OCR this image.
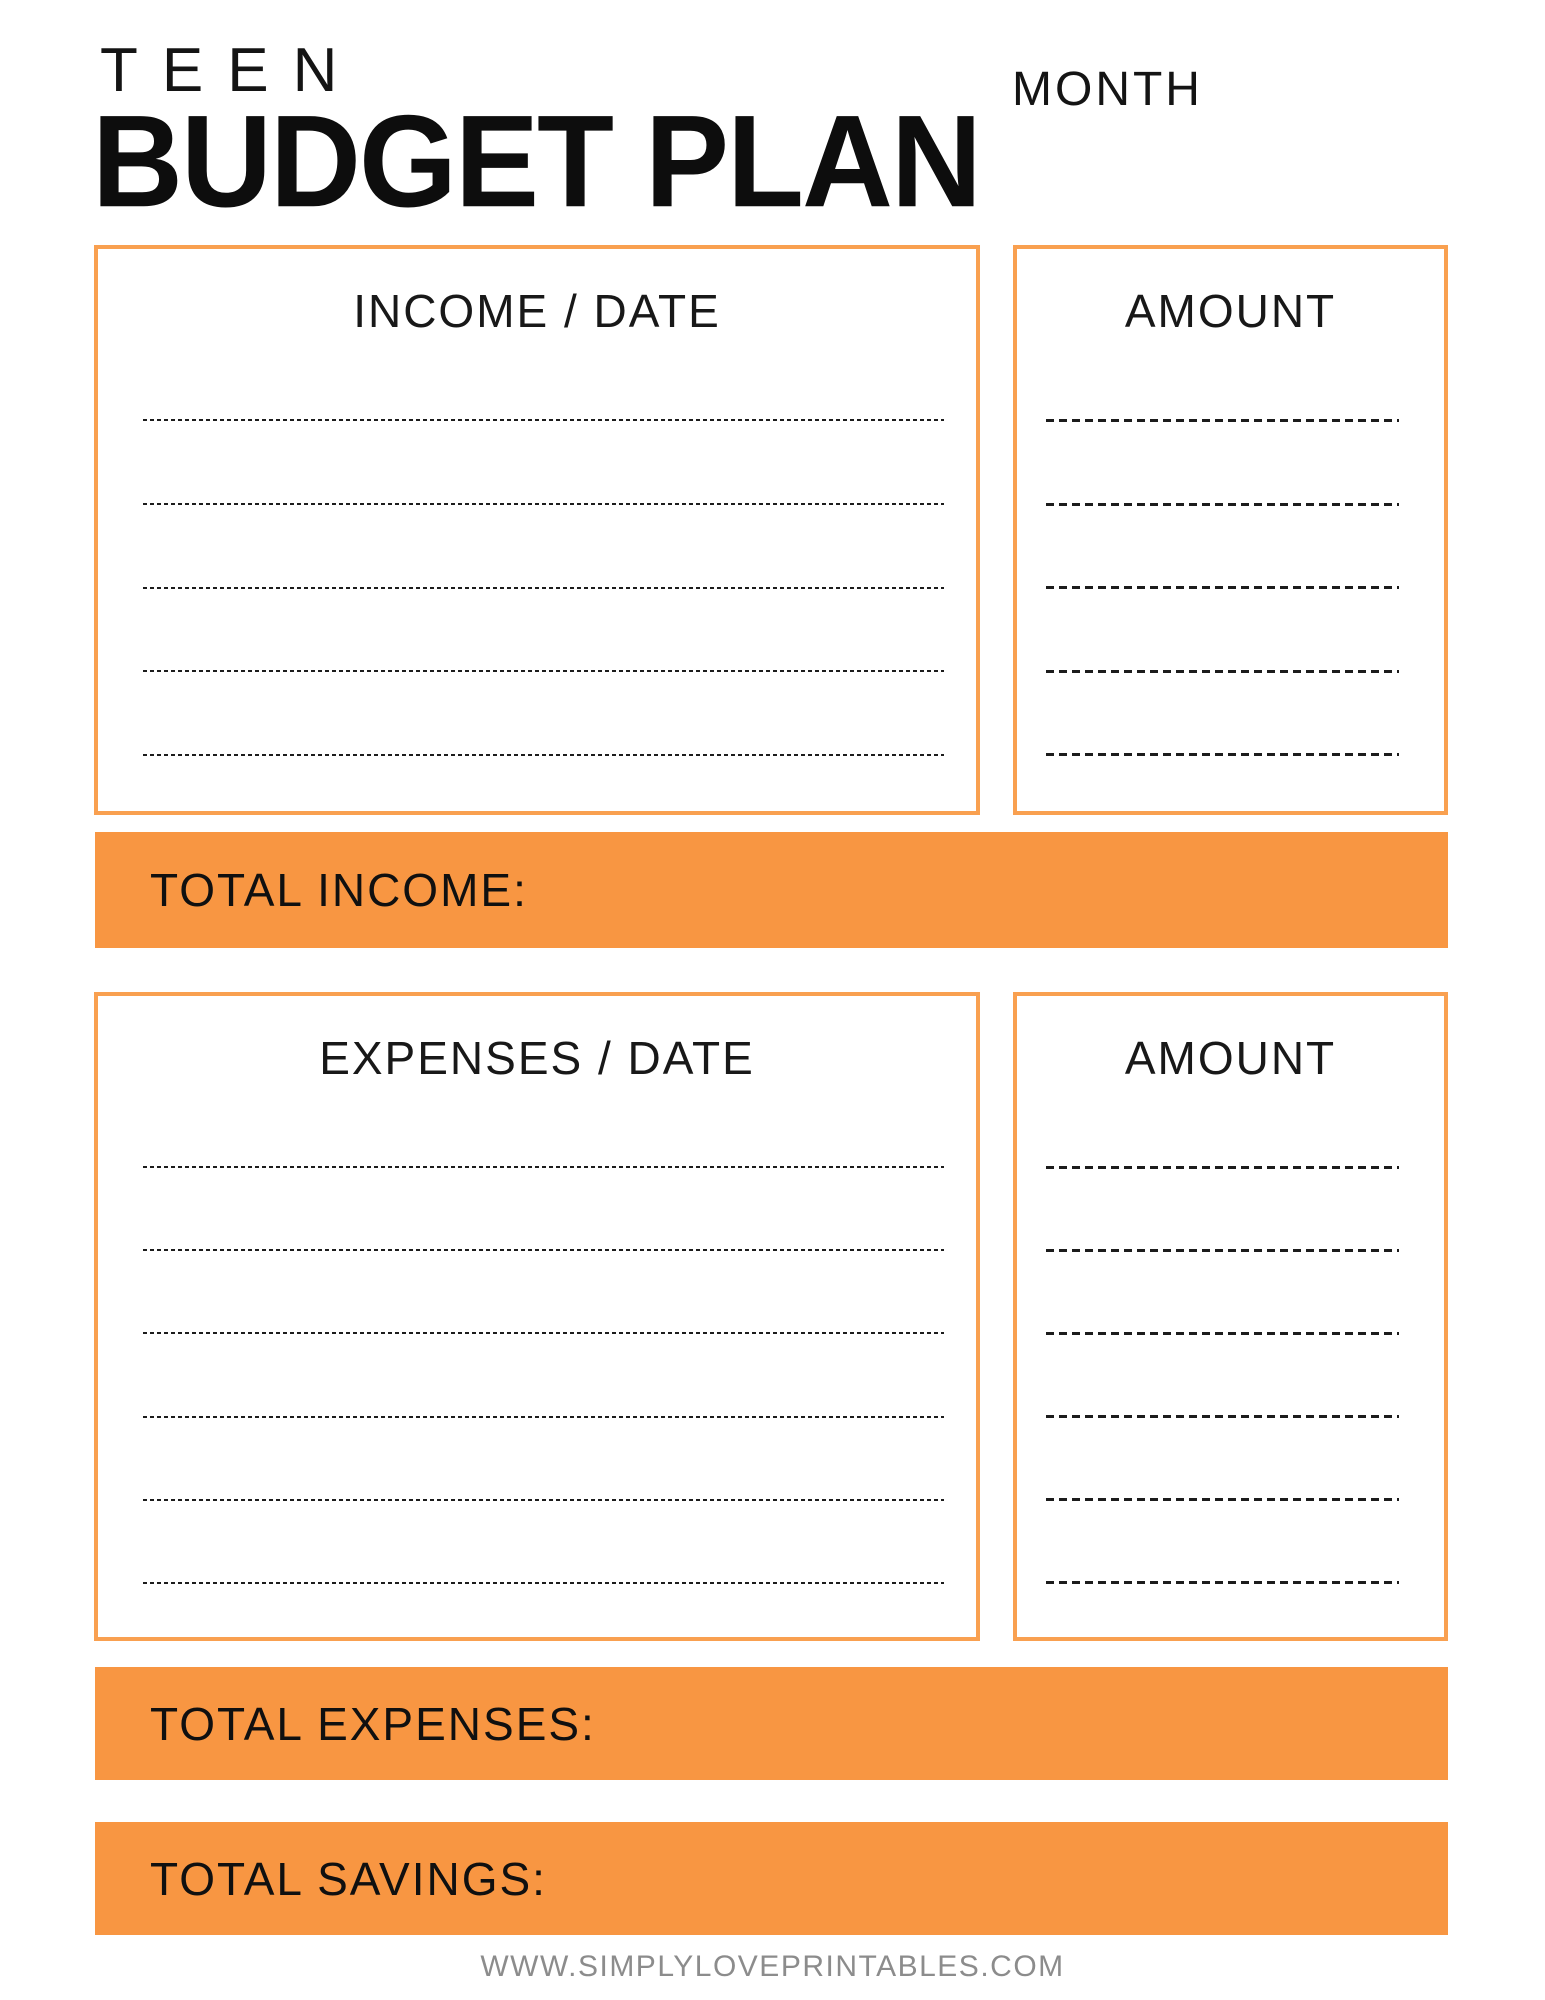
TEEN
BUDGET PLAN MONTH
INCOME / DATE	AMOUNT
TOTAL INCOME:
EXPENSES / DATE	AMOUNT
TOTAL EXPENSES:
TOTAL SAVINGS:
WWW.SIMPLYLOVEPRINTABLES.COM
